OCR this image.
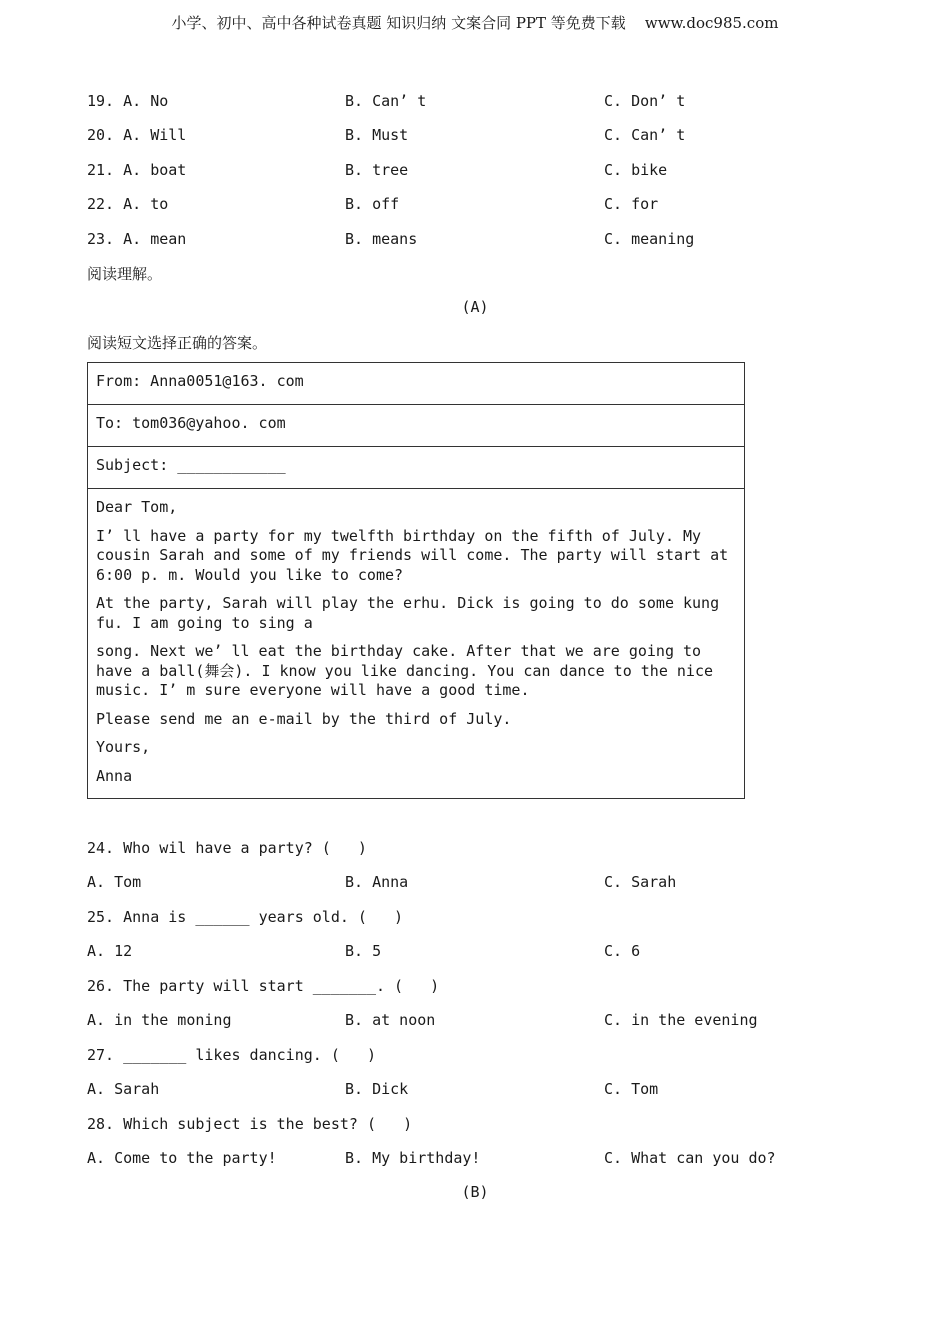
小学、初中、高中各种试卷真题 知识归纳 文案合同 PPT 等免费下载    www.doc985.com
19. A. No	B. Can’ t	C. Don’ t
20. A. Will	B. Must	C. Can’ t
21. A. boat	B. tree	C. bike
22. A. to	B. off	C. for
23. A. mean	B. means	C. meaning
阅读理解。
(A)
阅读短文选择正确的答案。
From: Anna0051@163. com
To: tom036@yahoo. com
Subject: ____________

Dear Tom,

I’ ll have a party for my twelfth birthday on the fifth of July. My cousin Sarah and some of my friends will come. The party will start at 6:00 p. m. Would you like to come?

At the party, Sarah will play the erhu. Dick is going to do some kung fu. I am going to sing a

song. Next we’ ll eat the birthday cake. After that we are going to have a ball(舞会). I know you like dancing. You can dance to the nice music. I’ m sure everyone will have a good time.

Please send me an e-mail by the third of July.

Yours,

Anna

24. Who wil have a party? (   )
A. Tom	B. Anna	C. Sarah
25. Anna is ______ years old. (   )
A. 12	B. 5	C. 6
26. The party will start _______. (   )
A. in the moning	B. at noon	C. in the evening
27. _______ likes dancing. (   )
A. Sarah	B. Dick	C. Tom
28. Which subject is the best? (   )
A. Come to the party!	B. My birthday!	C. What can you do?
(B)
